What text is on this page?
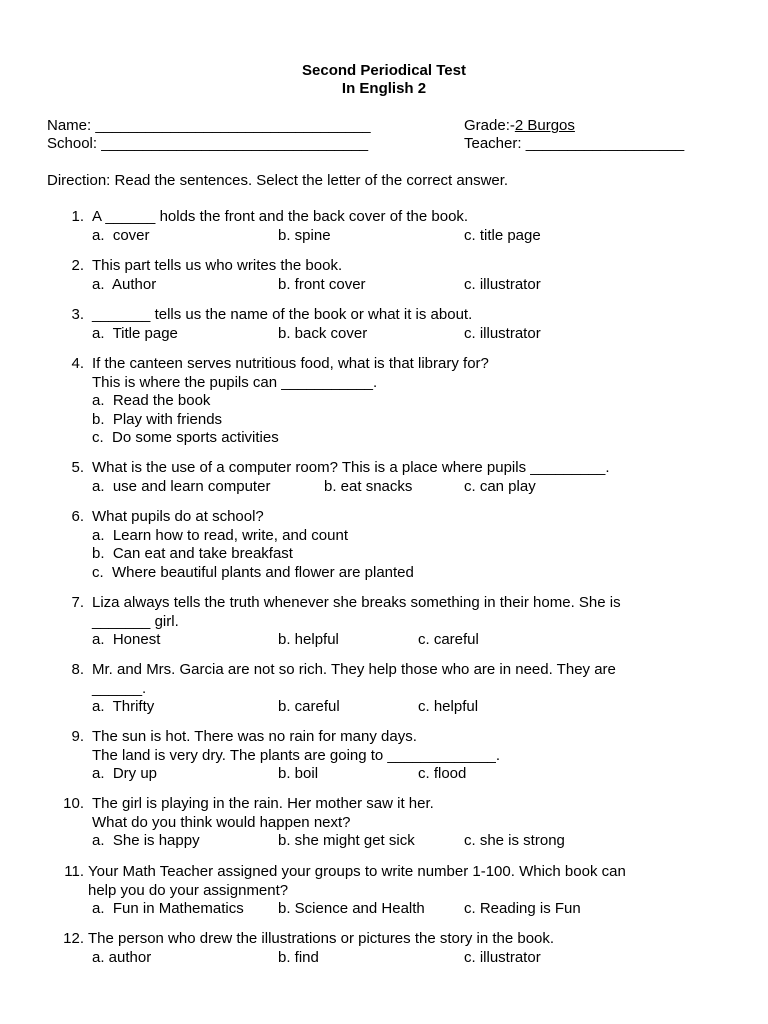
Second Periodical Test
In English 2
Name: _________________________________
School: ________________________________
Grade:-2 Burgos
Teacher: ___________________
Direction: Read the sentences. Select the letter of the correct answer.
1. A ______ holds the front and the back cover of the book.
a.  cover	b. spine	c. title page
2. This part tells us who writes the book.
a.  Author	b. front cover	c. illustrator
3. _______ tells us the name of the book or what it is about.
a.  Title page	b. back cover	c. illustrator
4. If the canteen serves nutritious food, what is that library for?
This is where the pupils can ___________.
a.  Read the book
b.  Play with friends
c.  Do some sports activities
5. What is the use of a computer room? This is a place where pupils _________.
a.  use and learn computer	b. eat snacks	c. can play
6. What pupils do at school?
a.  Learn how to read, write, and count
b.  Can eat and take breakfast
c.  Where beautiful plants and flower are planted
7. Liza always tells the truth whenever she breaks something in their home. She is
_______ girl.
a.  Honest	b. helpful	c. careful
8. Mr. and Mrs. Garcia are not so rich. They help those who are in need. They are
______.
a.  Thrifty	b. careful	c. helpful
9. The sun is hot. There was no rain for many days.
The land is very dry. The plants are going to _____________.
a.  Dry up	b. boil	c. flood
10. The girl is playing in the rain. Her mother saw it her.
What do you think would happen next?
a.  She is happy	b. she might get sick	c. she is strong
11. Your Math Teacher assigned your groups to write number 1-100. Which book can
help you do your assignment?
a.  Fun in Mathematics b. Science and Health	c. Reading is Fun
12. The person who drew the illustrations or pictures the story in the book.
a. author	b. find	c. illustrator
